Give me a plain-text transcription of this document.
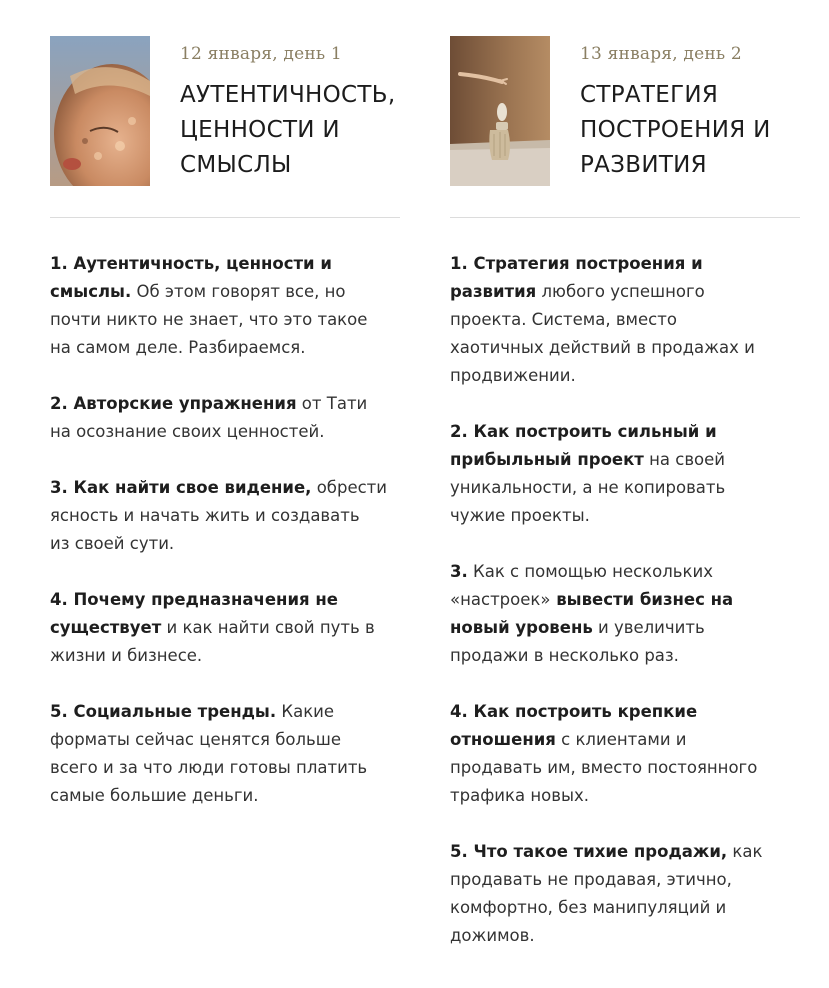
12 января, день 1
АУТЕНТИЧНОСТЬ,
ЦЕННОСТИ И
СМЫСЛЫ

1. Аутентичность, ценности и
смыслы. Об этом говорят все, но
почти никто не знает, что это такое
на самом деле. Разбираемся.

2. Авторские упражнения от Тати
на осознание своих ценностей.

3. Как найти свое видение, обрести
ясность и начать жить и создавать
из своей сути.

4. Почему предназначения не
существует и как найти свой путь в
жизни и бизнесе.

5. Социальные тренды. Какие
форматы сейчас ценятся больше
всего и за что люди готовы платить
самые большие деньги.

13 января, день 2
СТРАТЕГИЯ
ПОСТРОЕНИЯ И
РАЗВИТИЯ

1. Стратегия построения и
развития любого успешного
проекта. Система, вместо
хаотичных действий в продажах и
продвижении.

2. Как построить сильный и
прибыльный проект на своей
уникальности, а не копировать
чужие проекты.

3. Как с помощью нескольких
«настроек» вывести бизнес на
новый уровень и увеличить
продажи в несколько раз.

4. Как построить крепкие
отношения с клиентами и
продавать им, вместо постоянного
трафика новых.

5. Что такое тихие продажи, как
продавать не продавая, этично,
комфортно, без манипуляций и
дожимов.
